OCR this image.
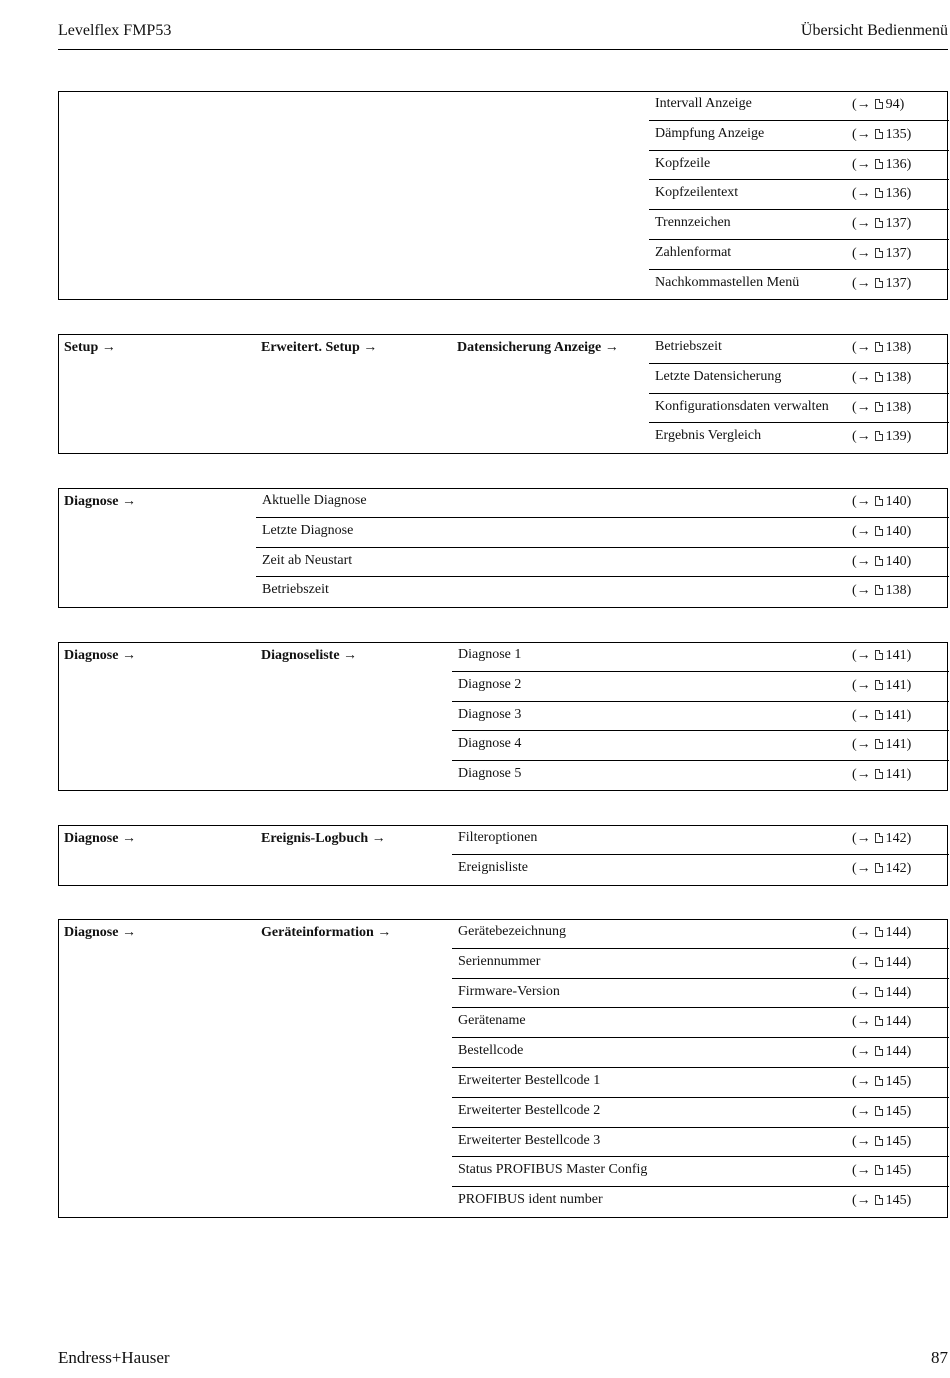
Levelflex FMP53	Übersicht Bedienmenü
Intervall Anzeige	(→ 94)
Dämpfung Anzeige	(→ 135)
Kopfzeile	(→ 136)
Kopfzeilentext	(→ 136)
Trennzeichen	(→ 137)
Zahlenformat	(→ 137)
Nachkommastellen Menü	(→ 137)
Setup →	Erweitert. Setup →	Datensicherung Anzeige →	Betriebszeit	(→ 138)
Letzte Datensicherung	(→ 138)
Konfigurationsdaten verwalten (→ 138)
Ergebnis Vergleich	(→ 139)
Diagnose →	Aktuelle Diagnose	(→ 140)
Letzte Diagnose	(→ 140)
Zeit ab Neustart	(→ 140)
Betriebszeit	(→ 138)
Diagnose →	Diagnoseliste →	Diagnose 1	(→ 141)
Diagnose 2	(→ 141)
Diagnose 3	(→ 141)
Diagnose 4	(→ 141)
Diagnose 5	(→ 141)
Diagnose →	Ereignis-Logbuch →	Filteroptionen	(→ 142)
Ereignisliste	(→ 142)
Diagnose →	Geräteinformation →	Gerätebezeichnung	(→ 144)
Seriennummer	(→ 144)
Firmware-Version	(→ 144)
Gerätename	(→ 144)
Bestellcode	(→ 144)
Erweiterter Bestellcode 1	(→ 145)
Erweiterter Bestellcode 2	(→ 145)
Erweiterter Bestellcode 3	(→ 145)
Status PROFIBUS Master Config	(→ 145)
PROFIBUS ident number	(→ 145)
Endress+Hauser	87
